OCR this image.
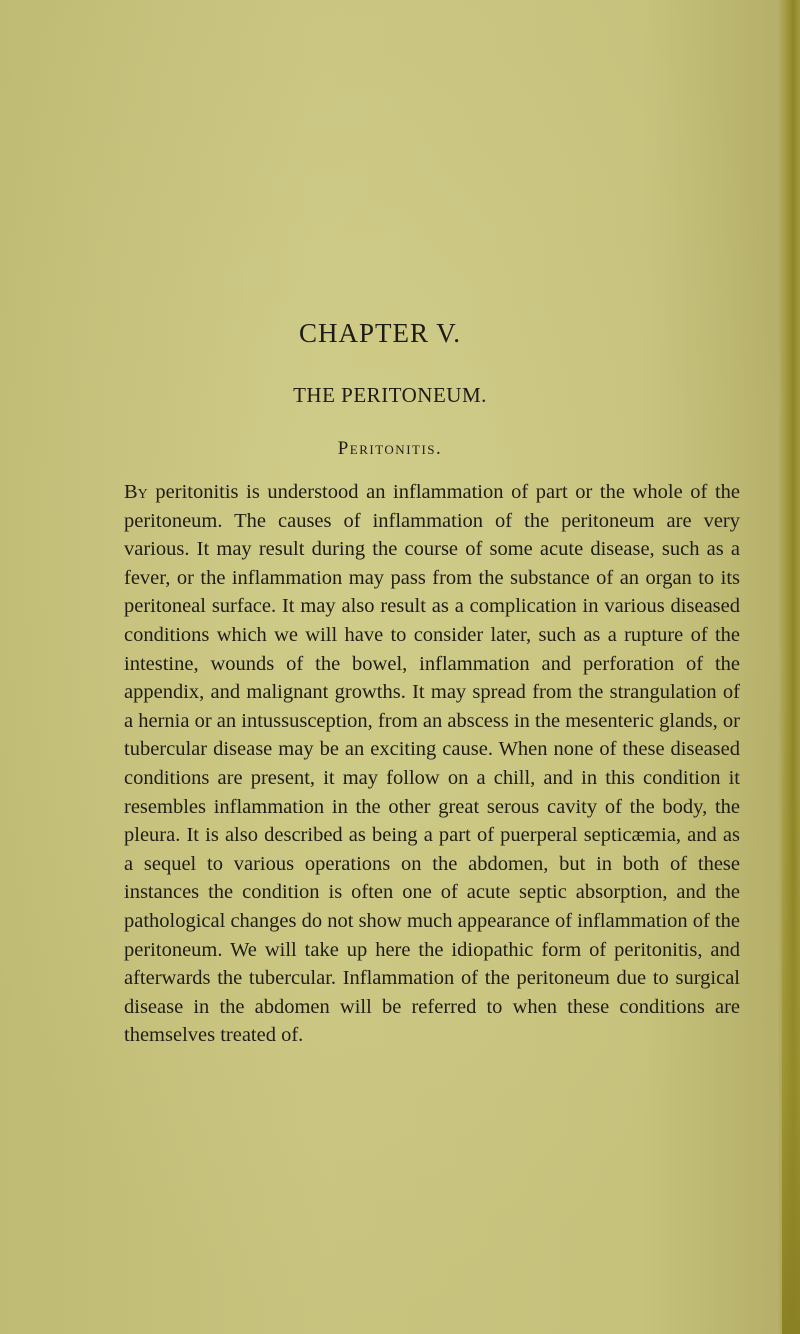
CHAPTER V.
THE PERITONEUM.
Peritonitis.

By peritonitis is understood an inflammation of part or the whole of the peritoneum. The causes of inflammation of the peritoneum are very various. It may result during the course of some acute disease, such as a fever, or the inflammation may pass from the substance of an organ to its peritoneal surface. It may also result as a complication in various diseased conditions which we will have to consider later, such as a rupture of the intestine, wounds of the bowel, inflammation and perforation of the appendix, and malignant growths. It may spread from the strangulation of a hernia or an intussusception, from an abscess in the mesenteric glands, or tubercular disease may be an exciting cause. When none of these diseased conditions are present, it may follow on a chill, and in this condition it resembles inflammation in the other great serous cavity of the body, the pleura. It is also described as being a part of puerperal septicæmia, and as a sequel to various operations on the abdomen, but in both of these instances the condition is often one of acute septic absorption, and the pathological changes do not show much appearance of inflammation of the peritoneum. We will take up here the idiopathic form of peritonitis, and afterwards the tubercular. Inflammation of the peritoneum due to surgical disease in the abdomen will be referred to when these conditions are themselves treated of.
